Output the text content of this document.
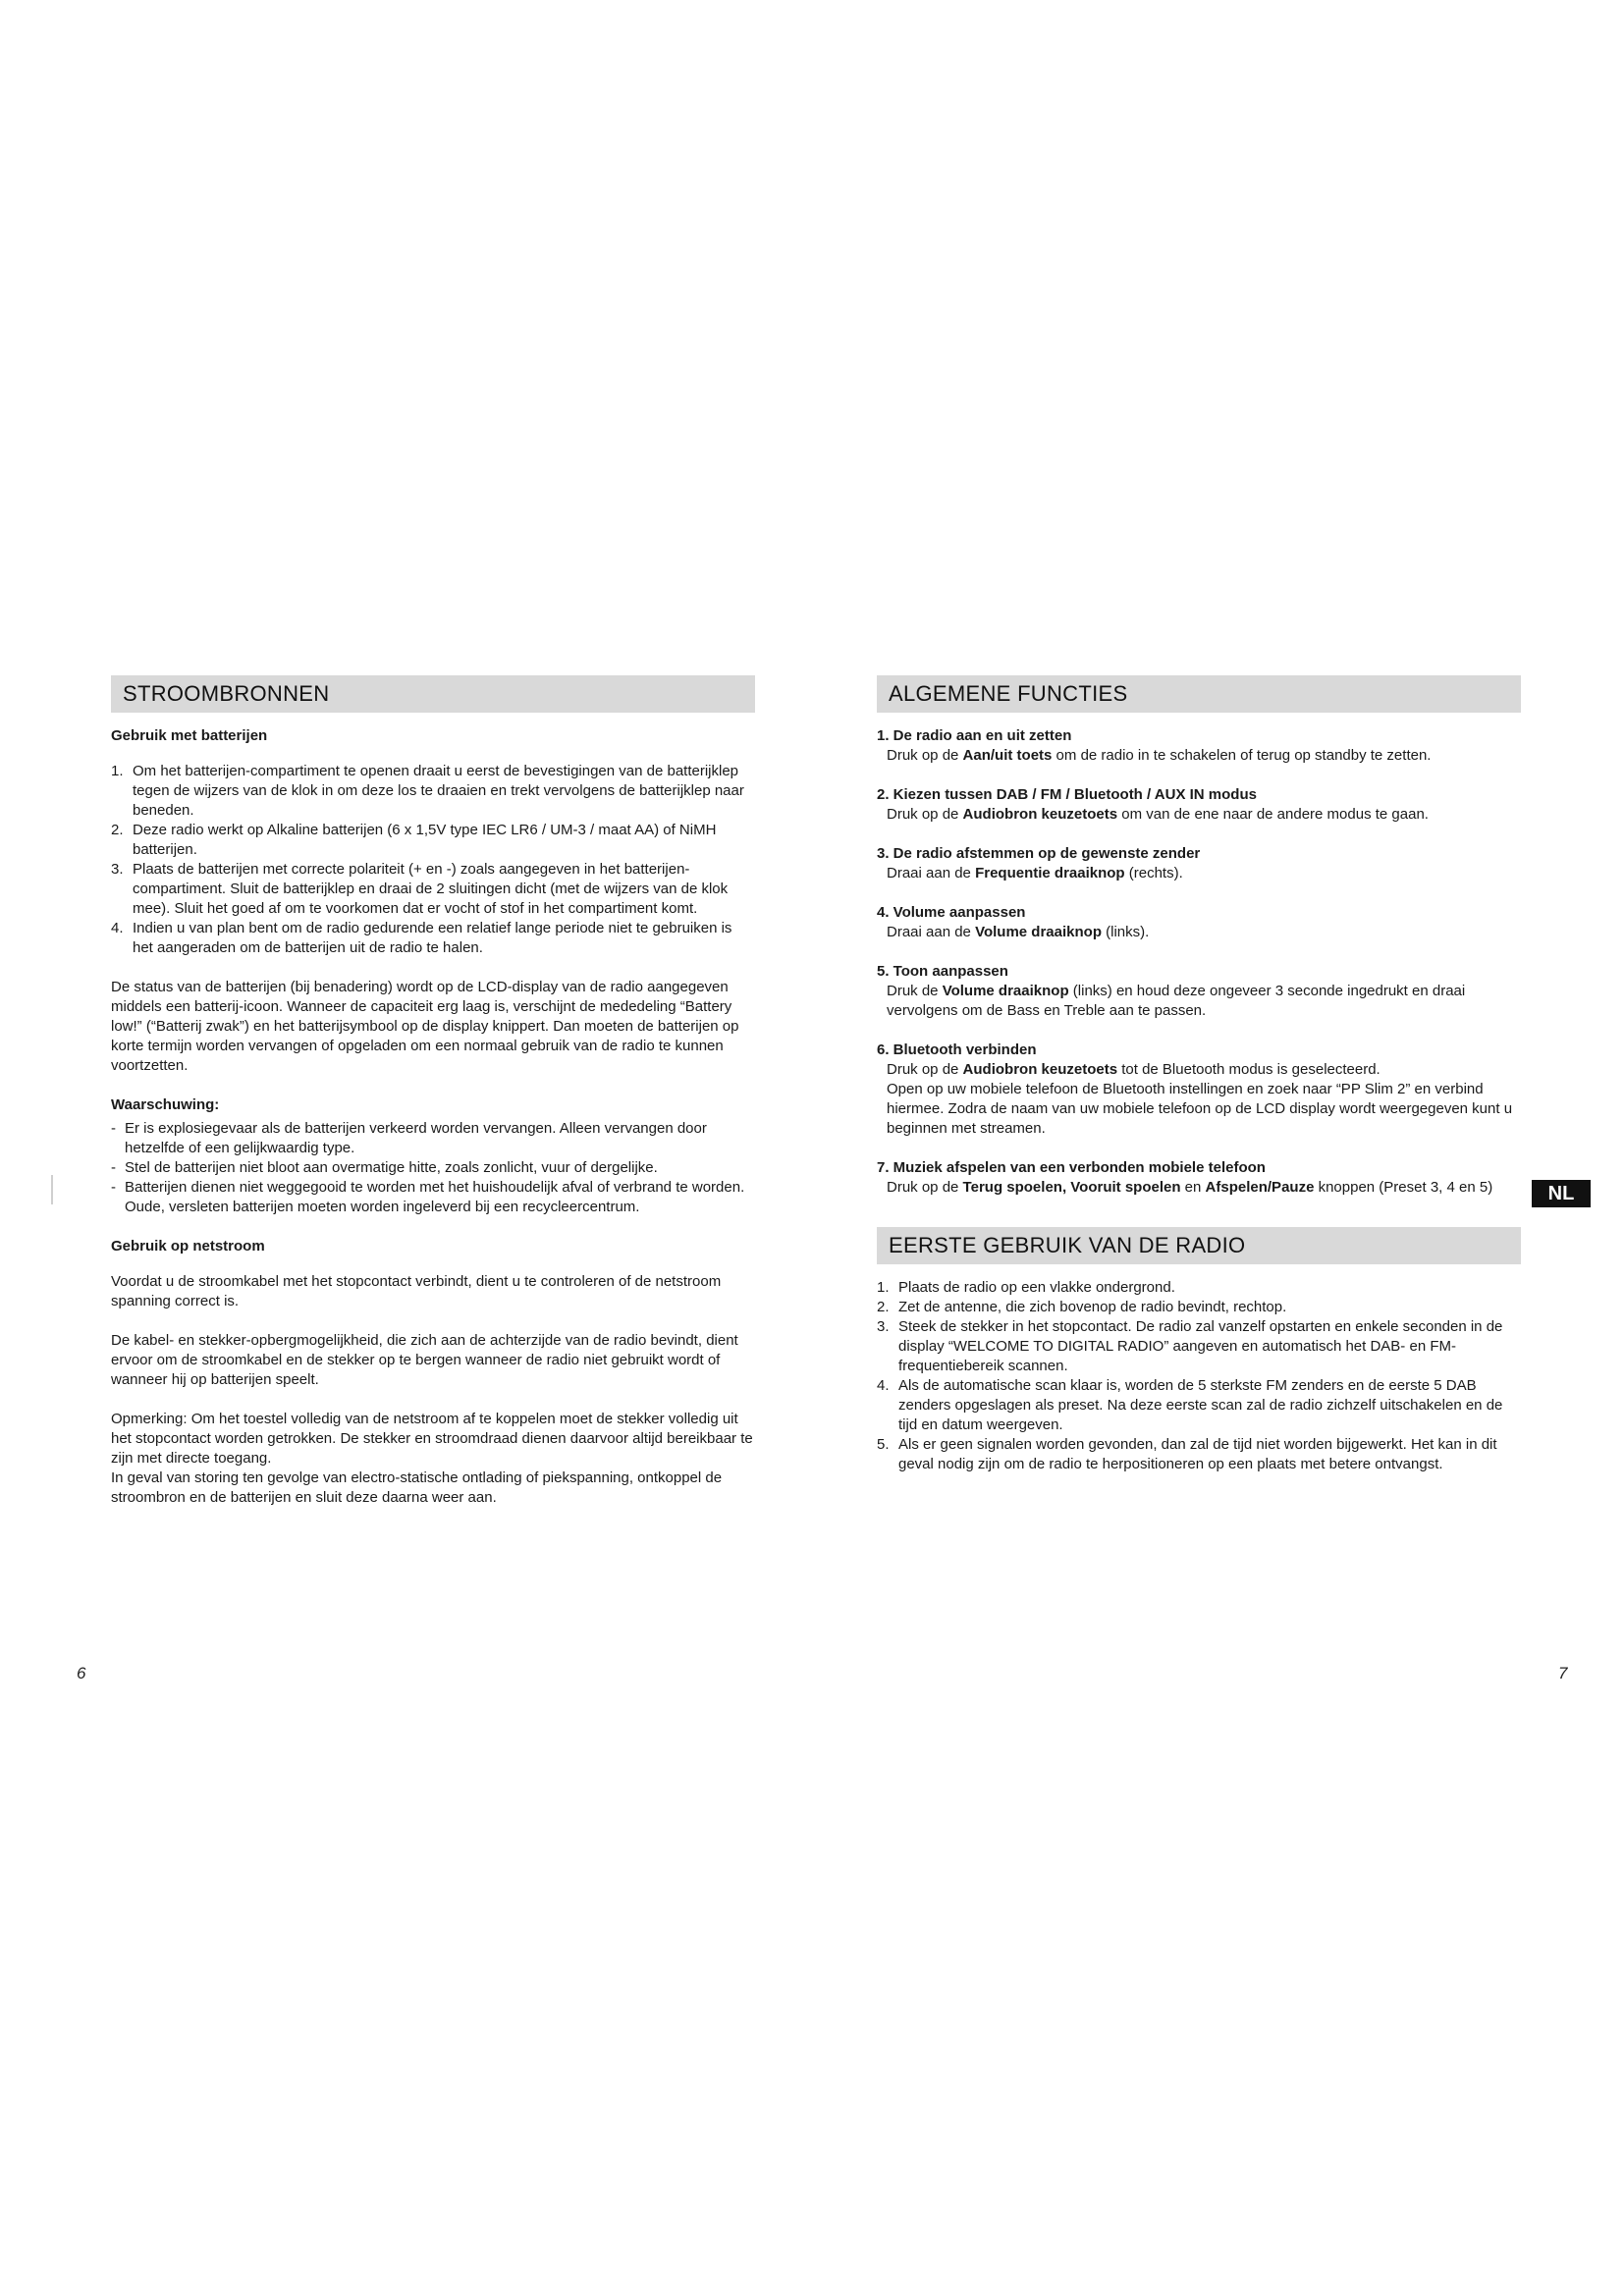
STROOMBRONNEN
Gebruik met batterijen
1. Om het batterijen-compartiment te openen draait u eerst de bevestigingen van de batterijklep tegen de wijzers van de klok in om deze los te draaien en trekt vervolgens de batterijklep naar beneden.
2. Deze radio werkt op Alkaline batterijen (6 x 1,5V type IEC LR6 / UM-3 / maat AA) of NiMH batterijen.
3. Plaats de batterijen met correcte polariteit (+ en -) zoals aangegeven in het batterijen-compartiment. Sluit de batterijklep en draai de 2 sluitingen dicht (met de wijzers van de klok mee). Sluit het goed af om te voorkomen dat er vocht of stof in het compartiment komt.
4. Indien u van plan bent om de radio gedurende een relatief lange periode niet te gebruiken is het aangeraden om de batterijen uit de radio te halen.

De status van de batterijen (bij benadering) wordt op de LCD-display van de radio aangegeven middels een batterij-icoon. Wanneer de capaciteit erg laag is, verschijnt de mededeling “Battery low!” (“Batterij zwak”) en het batterijsymbool op de display knippert. Dan moeten de batterijen op korte termijn worden vervangen of opgeladen om een normaal gebruik van de radio te kunnen voortzetten.

Waarschuwing:
- Er is explosiegevaar als de batterijen verkeerd worden vervangen. Alleen vervangen door hetzelfde of een gelijkwaardig type.
- Stel de batterijen niet bloot aan overmatige hitte, zoals zonlicht, vuur of dergelijke.
- Batterijen dienen niet weggegooid te worden met het huishoudelijk afval of verbrand te worden. Oude, versleten batterijen moeten worden ingeleverd bij een recycleercentrum.
Gebruik op netstroom

Voordat u de stroomkabel met het stopcontact verbindt, dient u te controleren of de netstroom spanning correct is.

De kabel- en stekker-opbergmogelijkheid, die zich aan de achterzijde van de radio bevindt, dient ervoor om de stroomkabel en de stekker op te bergen wanneer de radio niet gebruikt wordt of wanneer hij op batterijen speelt.

Opmerking: Om het toestel volledig van de netstroom af te koppelen moet de stekker volledig uit het stopcontact worden getrokken. De stekker en stroomdraad dienen daarvoor altijd bereikbaar te zijn met directe toegang.

In geval van storing ten gevolge van electro-statische ontlading of piekspanning, ontkoppel de stroombron en de batterijen en sluit deze daarna weer aan.

ALGEMENE FUNCTIES
1. De radio aan en uit zetten

Druk op de Aan/uit toets om de radio in te schakelen of terug op standby te zetten.

2. Kiezen tussen DAB / FM / Bluetooth / AUX IN modus

Druk op de Audiobron keuzetoets om van de ene naar de andere modus te gaan.

3. De radio afstemmen op de gewenste zender

Draai aan de Frequentie draaiknop (rechts).

4. Volume aanpassen

Draai aan de Volume draaiknop (links).

5. Toon aanpassen

Druk de Volume draaiknop (links) en houd deze ongeveer 3 seconde ingedrukt en draai vervolgens om de Bass en Treble aan te passen.

6. Bluetooth verbinden

Druk op de Audiobron keuzetoets tot de Bluetooth modus is geselecteerd.

Open op uw mobiele telefoon de Bluetooth instellingen en zoek naar “PP Slim 2” en verbind hiermee. Zodra de naam van uw mobiele telefoon op de LCD display wordt weergegeven kunt u beginnen met streamen.

7. Muziek afspelen van een verbonden mobiele telefoon

Druk op de Terug spoelen, Vooruit spoelen en Afspelen/Pauze knoppen (Preset 3, 4 en 5)

EERSTE GEBRUIK VAN DE RADIO
1. Plaats de radio op een vlakke ondergrond.
2. Zet de antenne, die zich bovenop de radio bevindt, rechtop.
3. Steek de stekker in het stopcontact. De radio zal vanzelf opstarten en enkele seconden in de display “WELCOME TO DIGITAL RADIO” aangeven en automatisch het DAB- en FM-frequentiebereik scannen.
4. Als de automatische scan klaar is, worden de 5 sterkste FM zenders en de eerste 5 DAB zenders opgeslagen als preset. Na deze eerste scan zal de radio zichzelf uitschakelen en de tijd en datum weergeven.
5. Als er geen signalen worden gevonden, dan zal de tijd niet worden bijgewerkt. Het kan in dit geval nodig zijn om de radio te herpositioneren op een plaats met betere ontvangst.
NL
6	7
